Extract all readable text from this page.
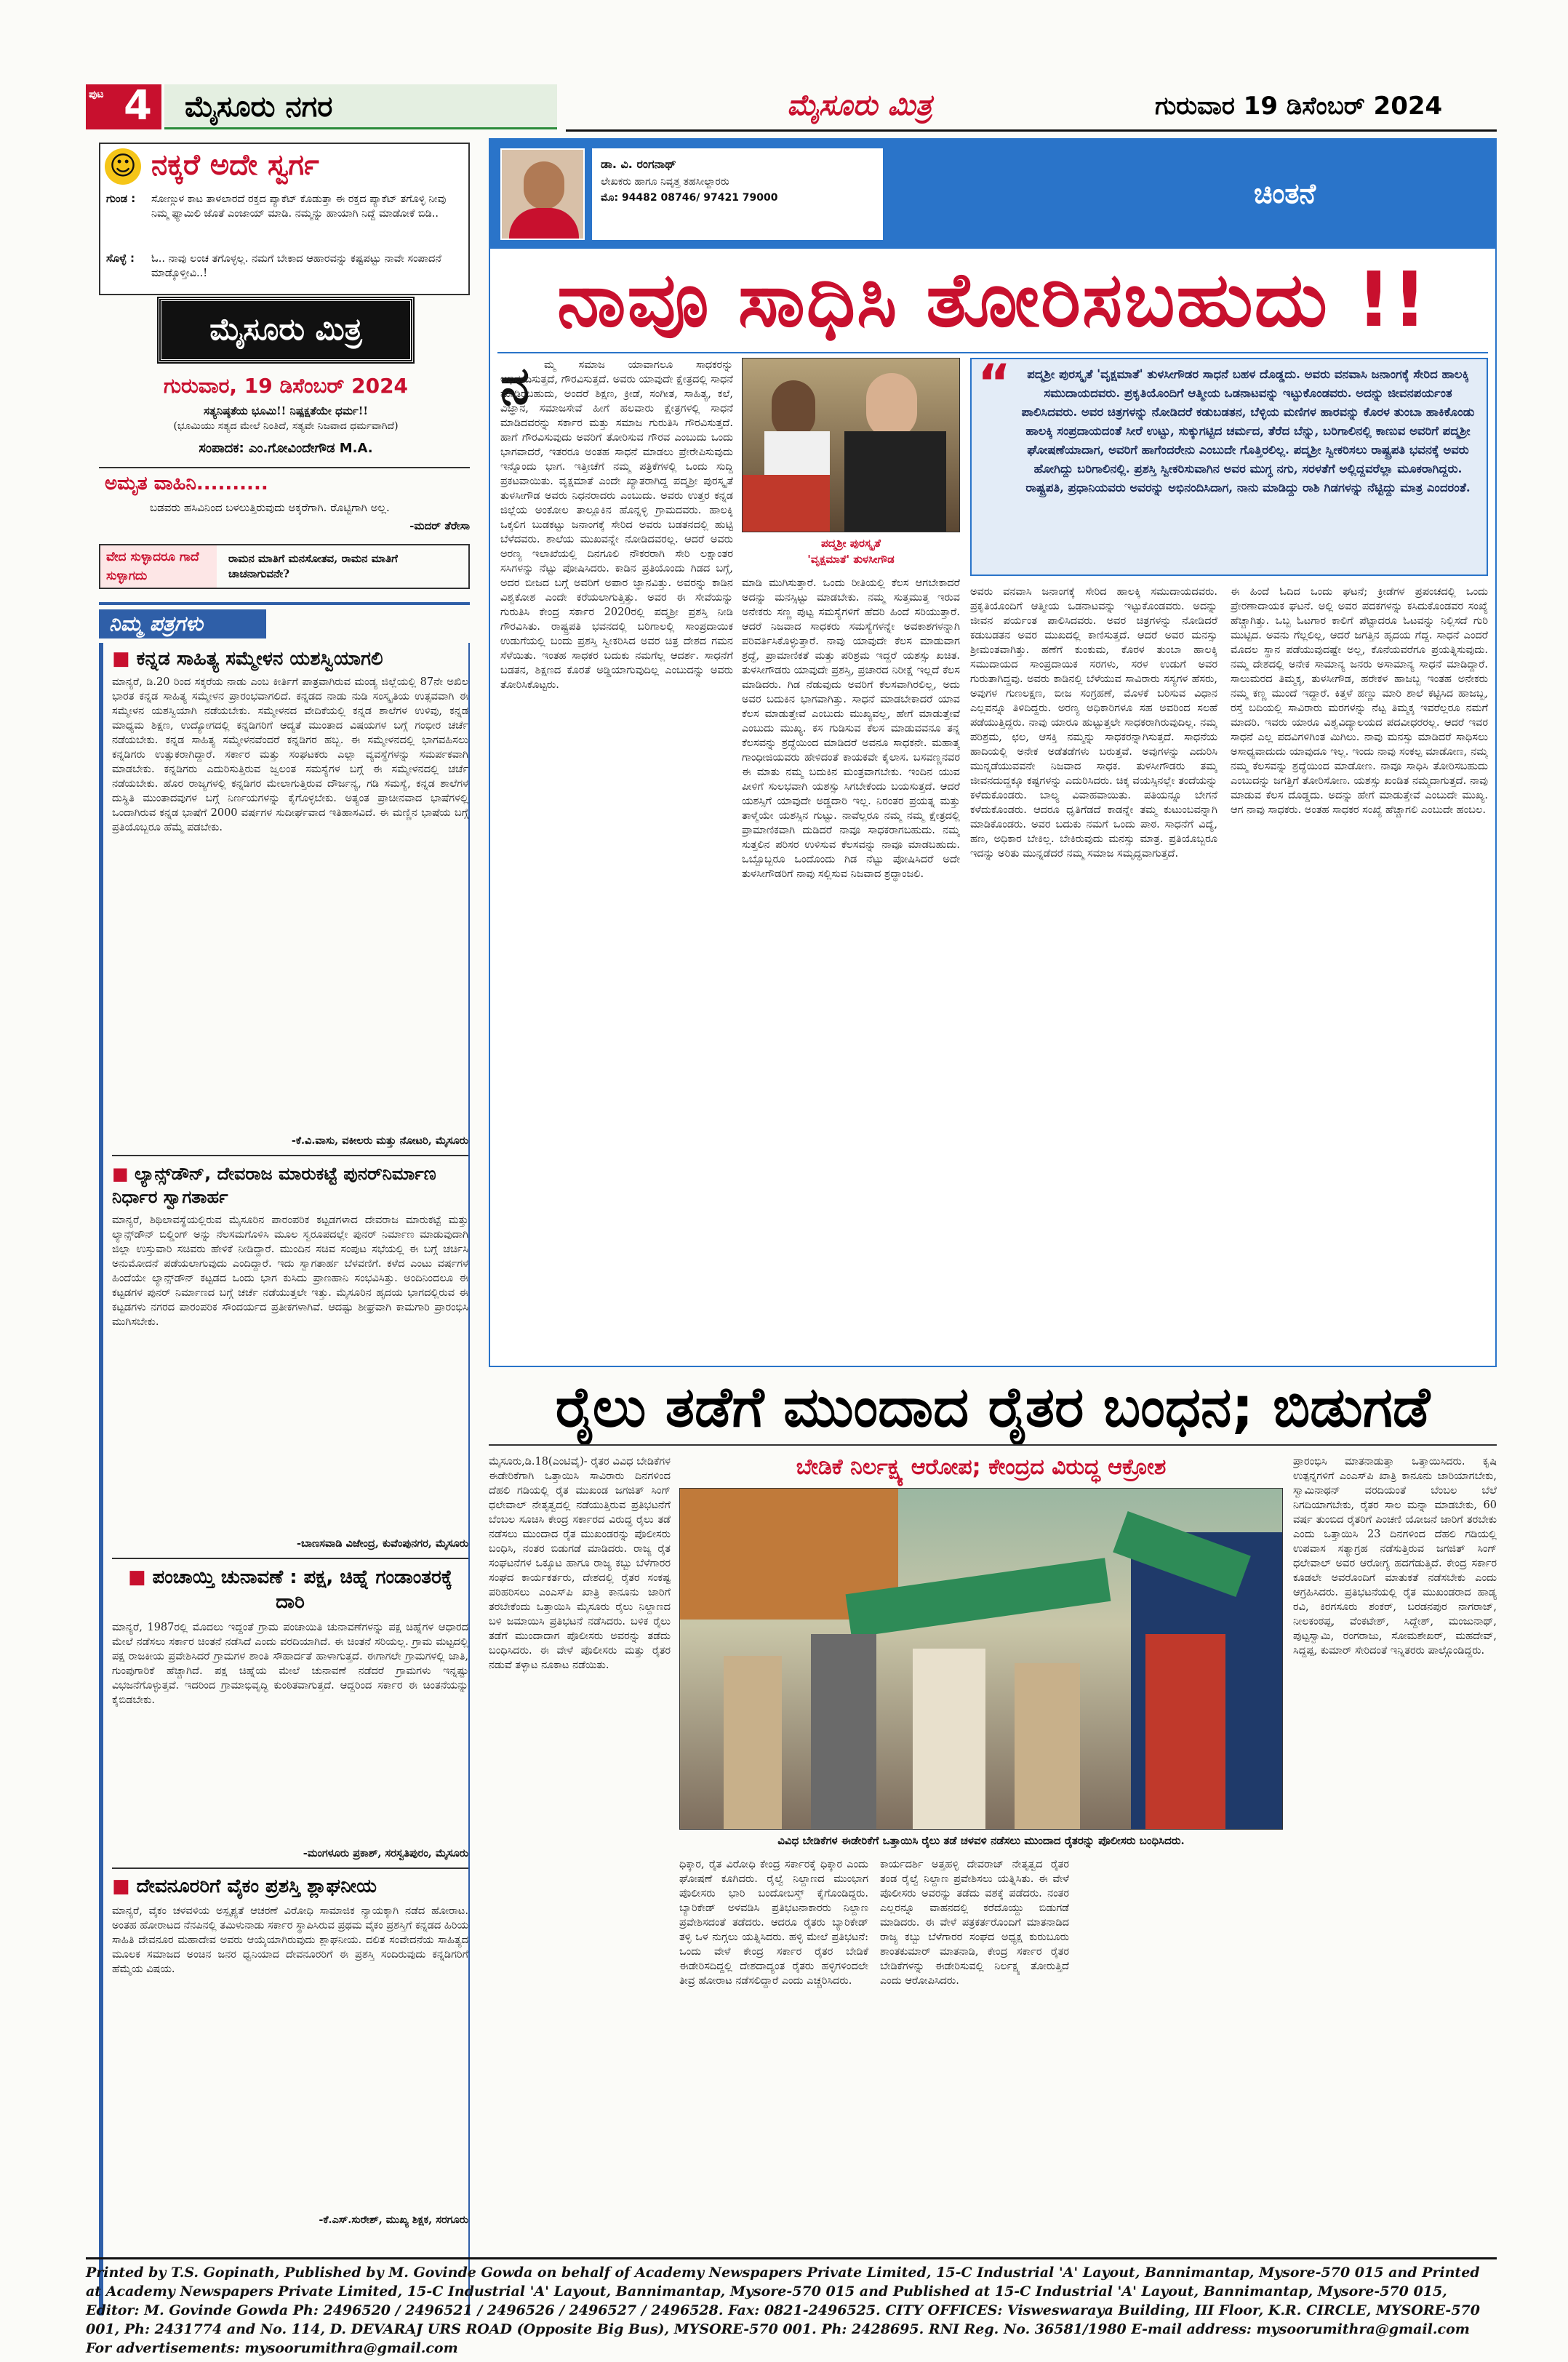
ಪುಟ 4 ಮೈಸೂರು ನಗರ	ಮೈಸೂರು ಮಿತ್ರ	ಗುರುವಾರ 19 ಡಿಸೆಂಬರ್ 2024
☺ ನಕ್ಕರೆ ಅದೇ ಸ್ವರ್ಗ
ಗುಂಡ : ಸೋಣ್ಗುಳ ಕಾಟ ತಾಳಲಾರದೆ ರಕ್ತದ ಪ್ಯಾಕೆಟ್ ಕೊಡುತ್ತಾ ಈ ರಕ್ತದ ಪ್ಯಾಕೆಟ್ ತಗೊಳ್ಳಿ ನೀವು ನಿಮ್ಮ ಫ್ಯಾಮಿಲಿ ಜೊತೆ ಎಂಜಾಯ್ ಮಾಡಿ. ನಮ್ಮನ್ನು ಹಾಯಾಗಿ ನಿದ್ದೆ ಮಾಡೋಕೆ ಬಿಡಿ..
ಸೊಳ್ಳೆ : ಓ.. ನಾವು ಲಂಚ ತಗೊಳ್ಳಲ್ಲ. ನಮಗೆ ಬೇಕಾದ ಆಹಾರವನ್ನು ಕಷ್ಟಪಟ್ಟು ನಾವೇ ಸಂಪಾದನೆ ಮಾಡ್ಕೊಳ್ತೀವಿ..!
ಮೈಸೂರು ಮಿತ್ರ
ಗುರುವಾರ, 19 ಡಿಸೆಂಬರ್ 2024
ಸತ್ಯನಿಷ್ಠತೆಯ ಭೂಮಿ!! ನಿಷ್ಪಕ್ಷತೆಯೇ ಧರ್ಮ!!
(ಭೂಮಿಯು ಸತ್ಯದ ಮೇಲೆ ನಿಂತಿದೆ, ಸತ್ಯವೇ ನಿಜವಾದ ಧರ್ಮವಾಗಿದೆ)
ಸಂಪಾದಕ: ಎಂ.ಗೋವಿಂದೇಗೌಡ M.A.
ಅಮೃತ ವಾಹಿನಿ..........
ಬಡವರು ಹಸಿವಿನಿಂದ ಬಳಲುತ್ತಿರುವುದು ಅಕ್ಕರೆಗಾಗಿ. ರೊಟ್ಟಿಗಾಗಿ ಅಲ್ಲ.
-ಮದರ್ ತೆರೇಸಾ
ವೇದ ಸುಳ್ಳಾದರೂ ಗಾದೆ ಸುಳ್ಳಾಗದು
ರಾಮನ ಮಾತಿಗೆ ಮನಸೋತವ, ರಾಮನ ಮಾತಿಗೆ ಚಾಚನಾಗುವನೇ?
ನಿಮ್ಮ ಪತ್ರಗಳು
■ ಕನ್ನಡ ಸಾಹಿತ್ಯ ಸಮ್ಮೇಳನ ಯಶಸ್ವಿಯಾಗಲಿ
ಮಾನ್ಯರೆ, ಡಿ.20 ರಿಂದ ಸಕ್ಕರೆಯ ನಾಡು ಎಂಬ ಕೀರ್ತಿಗೆ ಪಾತ್ರವಾಗಿರುವ ಮಂಡ್ಯ ಜಿಲ್ಲೆಯಲ್ಲಿ 87ನೇ ಅಖಿಲ ಭಾರತ ಕನ್ನಡ ಸಾಹಿತ್ಯ ಸಮ್ಮೇಳನ ಪ್ರಾರಂಭವಾಗಲಿದೆ. ಕನ್ನಡದ ನಾಡು ನುಡಿ ಸಂಸ್ಕೃತಿಯ ಉತ್ಸವವಾಗಿ ಈ ಸಮ್ಮೇಳನ ಯಶಸ್ವಿಯಾಗಿ ನಡೆಯಬೇಕು. ಸಮ್ಮೇಳನದ ವೇದಿಕೆಯಲ್ಲಿ ಕನ್ನಡ ಶಾಲೆಗಳ ಉಳಿವು, ಕನ್ನಡ ಮಾಧ್ಯಮ ಶಿಕ್ಷಣ, ಉದ್ಯೋಗದಲ್ಲಿ ಕನ್ನಡಿಗರಿಗೆ ಆದ್ಯತೆ ಮುಂತಾದ ವಿಷಯಗಳ ಬಗ್ಗೆ ಗಂಭೀರ ಚರ್ಚೆ ನಡೆಯಬೇಕು. ಕನ್ನಡ ಸಾಹಿತ್ಯ ಸಮ್ಮೇಳನವೆಂದರೆ ಕನ್ನಡಿಗರ ಹಬ್ಬ. ಈ ಸಮ್ಮೇಳನದಲ್ಲಿ ಭಾಗವಹಿಸಲು ಕನ್ನಡಿಗರು ಉತ್ಸುಕರಾಗಿದ್ದಾರೆ. ಸರ್ಕಾರ ಮತ್ತು ಸಂಘಟಕರು ಎಲ್ಲಾ ವ್ಯವಸ್ಥೆಗಳನ್ನು ಸಮರ್ಪಕವಾಗಿ ಮಾಡಬೇಕು. ಕನ್ನಡಿಗರು ಎದುರಿಸುತ್ತಿರುವ ಜ್ವಲಂತ ಸಮಸ್ಯೆಗಳ ಬಗ್ಗೆ ಈ ಸಮ್ಮೇಳನದಲ್ಲಿ ಚರ್ಚೆ ನಡೆಯಬೇಕು. ಹೊರ ರಾಜ್ಯಗಳಲ್ಲಿ ಕನ್ನಡಿಗರ ಮೇಲಾಗುತ್ತಿರುವ ದೌರ್ಜನ್ಯ, ಗಡಿ ಸಮಸ್ಯೆ, ಕನ್ನಡ ಶಾಲೆಗಳ ದುಸ್ಥಿತಿ ಮುಂತಾದವುಗಳ ಬಗ್ಗೆ ನಿರ್ಣಯಗಳನ್ನು ಕೈಗೊಳ್ಳಬೇಕು. ಅತ್ಯಂತ ಪ್ರಾಚೀನವಾದ ಭಾಷೆಗಳಲ್ಲಿ ಒಂದಾಗಿರುವ ಕನ್ನಡ ಭಾಷೆಗೆ 2000 ವರ್ಷಗಳ ಸುದೀರ್ಘವಾದ ಇತಿಹಾಸವಿದೆ. ಈ ಮಣ್ಣಿನ ಭಾಷೆಯ ಬಗ್ಗೆ ಪ್ರತಿಯೊಬ್ಬರೂ ಹೆಮ್ಮೆ ಪಡಬೇಕು.
-ಕೆ.ವಿ.ವಾಸು, ವಕೀಲರು ಮತ್ತು ನೋಟರಿ, ಮೈಸೂರು
■ ಲ್ಯಾನ್ಸ್‌ಡೌನ್, ದೇವರಾಜ ಮಾರುಕಟ್ಟೆ ಪುನರ್‌ನಿರ್ಮಾಣ ನಿರ್ಧಾರ ಸ್ವಾಗತಾರ್ಹ
ಮಾನ್ಯರೆ, ಶಿಥಿಲಾವಸ್ಥೆಯಲ್ಲಿರುವ ಮೈಸೂರಿನ ಪಾರಂಪರಿಕ ಕಟ್ಟಡಗಳಾದ ದೇವರಾಜ ಮಾರುಕಟ್ಟೆ ಮತ್ತು ಲ್ಯಾನ್ಸ್‌ಡೌನ್ ಬಿಲ್ಡಿಂಗ್ ಅನ್ನು ನೆಲಸಮಗೊಳಿಸಿ ಮೂಲ ಸ್ವರೂಪದಲ್ಲೇ ಪುನರ್ ನಿರ್ಮಾಣ ಮಾಡುವುದಾಗಿ ಜಿಲ್ಲಾ ಉಸ್ತುವಾರಿ ಸಚಿವರು ಹೇಳಿಕೆ ನೀಡಿದ್ದಾರೆ. ಮುಂದಿನ ಸಚಿವ ಸಂಪುಟ ಸಭೆಯಲ್ಲಿ ಈ ಬಗ್ಗೆ ಚರ್ಚಿಸಿ ಅನುಮೋದನೆ ಪಡೆಯಲಾಗುವುದು ಎಂದಿದ್ದಾರೆ. ಇದು ಸ್ವಾಗತಾರ್ಹ ಬೆಳವಣಿಗೆ. ಕಳೆದ ಎಂಟು ವರ್ಷಗಳ ಹಿಂದೆಯೇ ಲ್ಯಾನ್ಸ್‌ಡೌನ್ ಕಟ್ಟಡದ ಒಂದು ಭಾಗ ಕುಸಿದು ಪ್ರಾಣಹಾನಿ ಸಂಭವಿಸಿತ್ತು. ಅಂದಿನಿಂದಲೂ ಈ ಕಟ್ಟಡಗಳ ಪುನರ್ ನಿರ್ಮಾಣದ ಬಗ್ಗೆ ಚರ್ಚೆ ನಡೆಯುತ್ತಲೇ ಇತ್ತು. ಮೈಸೂರಿನ ಹೃದಯ ಭಾಗದಲ್ಲಿರುವ ಈ ಕಟ್ಟಡಗಳು ನಗರದ ಪಾರಂಪರಿಕ ಸೌಂದರ್ಯದ ಪ್ರತೀಕಗಳಾಗಿವೆ. ಆದಷ್ಟು ಶೀಘ್ರವಾಗಿ ಕಾಮಗಾರಿ ಪ್ರಾರಂಭಿಸಿ ಮುಗಿಸಬೇಕು.
-ಬಾಣಸವಾಡಿ ವಿಜೇಂದ್ರ, ಕುವೆಂಪುನಗರ, ಮೈಸೂರು
■ ಪಂಚಾಯ್ತಿ ಚುನಾವಣೆ : ಪಕ್ಷ, ಚಿಹ್ನೆ ಗಂಡಾಂತರಕ್ಕೆ ದಾರಿ
ಮಾನ್ಯರೆ, 1987ರಲ್ಲಿ ಮೊದಲು ಇದ್ದಂತೆ ಗ್ರಾಮ ಪಂಚಾಯಿತಿ ಚುನಾವಣೆಗಳನ್ನು ಪಕ್ಷ ಚಿಹ್ನೆಗಳ ಆಧಾರದ ಮೇಲೆ ನಡೆಸಲು ಸರ್ಕಾರ ಚಿಂತನೆ ನಡೆಸಿದೆ ಎಂದು ವರದಿಯಾಗಿದೆ. ಈ ಚಿಂತನೆ ಸರಿಯಲ್ಲ. ಗ್ರಾಮ ಮಟ್ಟದಲ್ಲಿ ಪಕ್ಷ ರಾಜಕೀಯ ಪ್ರವೇಶಿಸಿದರೆ ಗ್ರಾಮಗಳ ಶಾಂತಿ ಸೌಹಾರ್ದತೆ ಹಾಳಾಗುತ್ತದೆ. ಈಗಾಗಲೇ ಗ್ರಾಮಗಳಲ್ಲಿ ಜಾತಿ, ಗುಂಪುಗಾರಿಕೆ ಹೆಚ್ಚಾಗಿದೆ. ಪಕ್ಷ ಚಿಹ್ನೆಯ ಮೇಲೆ ಚುನಾವಣೆ ನಡೆದರೆ ಗ್ರಾಮಗಳು ಇನ್ನಷ್ಟು ವಿಭಜನೆಗೊಳ್ಳುತ್ತವೆ. ಇದರಿಂದ ಗ್ರಾಮಾಭಿವೃದ್ಧಿ ಕುಂಠಿತವಾಗುತ್ತದೆ. ಆದ್ದರಿಂದ ಸರ್ಕಾರ ಈ ಚಿಂತನೆಯನ್ನು ಕೈಬಿಡಬೇಕು.
-ಮಂಗಳೂರು ಪ್ರಕಾಶ್, ಸರಸ್ವತಿಪುರಂ, ಮೈಸೂರು
■ ದೇವನೂರರಿಗೆ ವೈಕಂ ಪ್ರಶಸ್ತಿ ಶ್ಲಾಘನೀಯ
ಮಾನ್ಯರೆ, ವೈಕಂ ಚಳವಳಿಯ ಅಸ್ಪೃಶ್ಯತೆ ಆಚರಣೆ ವಿರೋಧಿ ಸಾಮಾಜಿಕ ನ್ಯಾಯಕ್ಕಾಗಿ ನಡೆದ ಹೋರಾಟ. ಅಂತಹ ಹೋರಾಟದ ನೆನಪಿನಲ್ಲಿ ತಮಿಳುನಾಡು ಸರ್ಕಾರ ಸ್ಥಾಪಿಸಿರುವ ಪ್ರಥಮ ವೈಕಂ ಪ್ರಶಸ್ತಿಗೆ ಕನ್ನಡದ ಹಿರಿಯ ಸಾಹಿತಿ ದೇವನೂರ ಮಹಾದೇವ ಅವರು ಆಯ್ಕೆಯಾಗಿರುವುದು ಶ್ಲಾಘನೀಯ. ದಲಿತ ಸಂವೇದನೆಯ ಸಾಹಿತ್ಯದ ಮೂಲಕ ಸಮಾಜದ ಅಂಚಿನ ಜನರ ಧ್ವನಿಯಾದ ದೇವನೂರರಿಗೆ ಈ ಪ್ರಶಸ್ತಿ ಸಂದಿರುವುದು ಕನ್ನಡಿಗರಿಗೆ ಹೆಮ್ಮೆಯ ವಿಷಯ.
-ಕೆ.ಎಸ್.ಸುರೇಶ್, ಮುಖ್ಯ ಶಿಕ್ಷಕ, ಸರಗೂರು
ಡಾ. ವಿ. ರಂಗನಾಥ್
ಲೇಖಕರು ಹಾಗೂ ನಿವೃತ್ತ ತಹಸೀಲ್ದಾರರು
ಮೊ: 94482 08746/ 97421 79000	ಚಿಂತನೆ
ನಾವೂ ಸಾಧಿಸಿ ತೋರಿಸಬಹುದು !!
ನ	ಮ್ಮ ಸಮಾಜ ಯಾವಾಗಲೂ ಸಾಧಕರನ್ನು ಅಭಿನಂದಿಸುತ್ತದೆ, ಗೌರವಿಸುತ್ತದೆ. ಅವರು ಯಾವುದೇ ಕ್ಷೇತ್ರದಲ್ಲಿ ಸಾಧನೆ ಮಾಡಿರಬಹುದು, ಅಂದರೆ ಶಿಕ್ಷಣ, ಕ್ರೀಡೆ, ಸಂಗೀತ, ಸಾಹಿತ್ಯ, ಕಲೆ, ವಿಜ್ಞಾನ, ಸಮಾಜಸೇವೆ ಹೀಗೆ ಹಲವಾರು ಕ್ಷೇತ್ರಗಳಲ್ಲಿ ಸಾಧನೆ ಮಾಡಿದವರನ್ನು ಸರ್ಕಾರ ಮತ್ತು ಸಮಾಜ ಗುರುತಿಸಿ ಗೌರವಿಸುತ್ತದೆ. ಹಾಗೆ ಗೌರವಿಸುವುದು ಅವರಿಗೆ ತೋರಿಸುವ ಗೌರವ ಎಂಬುದು ಒಂದು ಭಾಗವಾದರೆ, ಇತರರೂ ಅಂತಹ ಸಾಧನೆ ಮಾಡಲು ಪ್ರೇರೇಪಿಸುವುದು ಇನ್ನೊಂದು ಭಾಗ. ಇತ್ತೀಚೆಗೆ ನಮ್ಮ ಪತ್ರಿಕೆಗಳಲ್ಲಿ ಒಂದು ಸುದ್ದಿ ಪ್ರಕಟವಾಯಿತು. ವೃಕ್ಷಮಾತೆ ಎಂದೇ ಖ್ಯಾತರಾಗಿದ್ದ ಪದ್ಮಶ್ರೀ ಪುರಸ್ಕೃತೆ ತುಳಸೀಗೌಡ ಅವರು ನಿಧನರಾದರು ಎಂಬುದು. ಅವರು ಉತ್ತರ ಕನ್ನಡ ಜಿಲ್ಲೆಯ ಅಂಕೋಲ ತಾಲ್ಲೂಕಿನ ಹೊನ್ನಳ್ಳಿ ಗ್ರಾಮದವರು. ಹಾಲಕ್ಕಿ ಒಕ್ಕಲಿಗ ಬುಡಕಟ್ಟು ಜನಾಂಗಕ್ಕೆ ಸೇರಿದ ಅವರು ಬಡತನದಲ್ಲಿ ಹುಟ್ಟಿ ಬೆಳೆದವರು. ಶಾಲೆಯ ಮುಖವನ್ನೇ ನೋಡಿದವರಲ್ಲ. ಆದರೆ ಅವರು ಅರಣ್ಯ ಇಲಾಖೆಯಲ್ಲಿ ದಿನಗೂಲಿ ನೌಕರರಾಗಿ ಸೇರಿ ಲಕ್ಷಾಂತರ ಸಸಿಗಳನ್ನು ನೆಟ್ಟು ಪೋಷಿಸಿದರು. ಕಾಡಿನ ಪ್ರತಿಯೊಂದು ಗಿಡದ ಬಗ್ಗೆ, ಅದರ ಬೀಜದ ಬಗ್ಗೆ ಅವರಿಗೆ ಅಪಾರ ಜ್ಞಾನವಿತ್ತು. ಅವರನ್ನು ಕಾಡಿನ ವಿಶ್ವಕೋಶ ಎಂದೇ ಕರೆಯಲಾಗುತ್ತಿತ್ತು. ಅವರ ಈ ಸೇವೆಯನ್ನು ಗುರುತಿಸಿ ಕೇಂದ್ರ ಸರ್ಕಾರ 2020ರಲ್ಲಿ ಪದ್ಮಶ್ರೀ ಪ್ರಶಸ್ತಿ ನೀಡಿ ಗೌರವಿಸಿತು. ರಾಷ್ಟ್ರಪತಿ ಭವನದಲ್ಲಿ ಬರಿಗಾಲಲ್ಲಿ ಸಾಂಪ್ರದಾಯಿಕ ಉಡುಗೆಯಲ್ಲಿ ಬಂದು ಪ್ರಶಸ್ತಿ ಸ್ವೀಕರಿಸಿದ ಅವರ ಚಿತ್ರ ದೇಶದ ಗಮನ ಸೆಳೆಯಿತು. ಇಂತಹ ಸಾಧಕರ ಬದುಕು ನಮಗೆಲ್ಲ ಆದರ್ಶ. ಸಾಧನೆಗೆ ಬಡತನ, ಶಿಕ್ಷಣದ ಕೊರತೆ ಅಡ್ಡಿಯಾಗುವುದಿಲ್ಲ ಎಂಬುದನ್ನು ಅವರು ತೋರಿಸಿಕೊಟ್ಟರು.
ಪದ್ಮಶ್ರೀ ಪುರಸ್ಕೃತೆ
'ವೃಕ್ಷಮಾತೆ' ತುಳಸೀಗೌಡ
ಮಾಡಿ ಮುಗಿಸುತ್ತಾರೆ. ಒಂದು ರೀತಿಯಲ್ಲಿ ಕೆಲಸ ಆಗಬೇಕಾದರೆ ಅದನ್ನು ಮನಸ್ಸಿಟ್ಟು ಮಾಡಬೇಕು. ನಮ್ಮ ಸುತ್ತಮುತ್ತ ಇರುವ ಅನೇಕರು ಸಣ್ಣ ಪುಟ್ಟ ಸಮಸ್ಯೆಗಳಿಗೆ ಹೆದರಿ ಹಿಂದೆ ಸರಿಯುತ್ತಾರೆ. ಆದರೆ ನಿಜವಾದ ಸಾಧಕರು ಸಮಸ್ಯೆಗಳನ್ನೇ ಅವಕಾಶಗಳನ್ನಾಗಿ ಪರಿವರ್ತಿಸಿಕೊಳ್ಳುತ್ತಾರೆ. ನಾವು ಯಾವುದೇ ಕೆಲಸ ಮಾಡುವಾಗ ಶ್ರದ್ಧೆ, ಪ್ರಾಮಾಣಿಕತೆ ಮತ್ತು ಪರಿಶ್ರಮ ಇದ್ದರೆ ಯಶಸ್ಸು ಖಚಿತ. ತುಳಸೀಗೌಡರು ಯಾವುದೇ ಪ್ರಶಸ್ತಿ, ಪ್ರಚಾರದ ನಿರೀಕ್ಷೆ ಇಲ್ಲದೆ ಕೆಲಸ ಮಾಡಿದರು. ಗಿಡ ನೆಡುವುದು ಅವರಿಗೆ ಕೆಲಸವಾಗಿರಲಿಲ್ಲ, ಅದು ಅವರ ಬದುಕಿನ ಭಾಗವಾಗಿತ್ತು. ಸಾಧನೆ ಮಾಡಬೇಕಾದರೆ ಯಾವ ಕೆಲಸ ಮಾಡುತ್ತೇವೆ ಎಂಬುದು ಮುಖ್ಯವಲ್ಲ, ಹೇಗೆ ಮಾಡುತ್ತೇವೆ ಎಂಬುದು ಮುಖ್ಯ. ಕಸ ಗುಡಿಸುವ ಕೆಲಸ ಮಾಡುವವನೂ ತನ್ನ ಕೆಲಸವನ್ನು ಶ್ರದ್ಧೆಯಿಂದ ಮಾಡಿದರೆ ಅವನೂ ಸಾಧಕನೇ. ಮಹಾತ್ಮ ಗಾಂಧೀಜಿಯವರು ಹೇಳಿದಂತೆ ಕಾಯಕವೇ ಕೈಲಾಸ. ಬಸವಣ್ಣನವರ ಈ ಮಾತು ನಮ್ಮ ಬದುಕಿನ ಮಂತ್ರವಾಗಬೇಕು. ಇಂದಿನ ಯುವ ಪೀಳಿಗೆ ಸುಲಭವಾಗಿ ಯಶಸ್ಸು ಸಿಗಬೇಕೆಂದು ಬಯಸುತ್ತದೆ. ಆದರೆ ಯಶಸ್ಸಿಗೆ ಯಾವುದೇ ಅಡ್ಡದಾರಿ ಇಲ್ಲ. ನಿರಂತರ ಪ್ರಯತ್ನ ಮತ್ತು ತಾಳ್ಮೆಯೇ ಯಶಸ್ಸಿನ ಗುಟ್ಟು. ನಾವೆಲ್ಲರೂ ನಮ್ಮ ನಮ್ಮ ಕ್ಷೇತ್ರದಲ್ಲಿ ಪ್ರಾಮಾಣಿಕವಾಗಿ ದುಡಿದರೆ ನಾವೂ ಸಾಧಕರಾಗಬಹುದು. ನಮ್ಮ ಸುತ್ತಲಿನ ಪರಿಸರ ಉಳಿಸುವ ಕೆಲಸವನ್ನು ನಾವೂ ಮಾಡಬಹುದು. ಒಬ್ಬೊಬ್ಬರೂ ಒಂದೊಂದು ಗಿಡ ನೆಟ್ಟು ಪೋಷಿಸಿದರೆ ಅದೇ ತುಳಸೀಗೌಡರಿಗೆ ನಾವು ಸಲ್ಲಿಸುವ ನಿಜವಾದ ಶ್ರದ್ಧಾಂಜಲಿ.
“	ಪದ್ಮಶ್ರೀ ಪುರಸ್ಕೃತೆ 'ವೃಕ್ಷಮಾತೆ' ತುಳಸೀಗೌಡರ ಸಾಧನೆ ಬಹಳ ದೊಡ್ಡದು. ಅವರು ವನವಾಸಿ ಜನಾಂಗಕ್ಕೆ ಸೇರಿದ ಹಾಲಕ್ಕಿ ಸಮುದಾಯದವರು. ಪ್ರಕೃತಿಯೊಂದಿಗೆ ಆತ್ಮೀಯ ಒಡನಾಟವನ್ನು ಇಟ್ಟುಕೊಂಡವರು. ಅದನ್ನು ಜೀವನಪರ್ಯಂತ ಪಾಲಿಸಿದವರು. ಅವರ ಚಿತ್ರಗಳನ್ನು ನೋಡಿದರೆ ಕಡುಬಡತನ, ಬೆಳ್ಳಿಯ ಮಣಿಗಳ ಹಾರವನ್ನು ಕೊರಳ ತುಂಬಾ ಹಾಕಿಕೊಂಡು ಹಾಲಕ್ಕಿ ಸಂಪ್ರದಾಯದಂತೆ ಸೀರೆ ಉಟ್ಟು, ಸುಕ್ಕುಗಟ್ಟಿದ ಚರ್ಮದ, ತೆರೆದ ಬೆನ್ನು, ಬರಿಗಾಲಿನಲ್ಲಿ ಕಾಣುವ ಅವರಿಗೆ ಪದ್ಮಶ್ರೀ ಘೋಷಣೆಯಾದಾಗ, ಅವರಿಗೆ ಹಾಗೆಂದರೇನು ಎಂಬುದೇ ಗೊತ್ತಿರಲಿಲ್ಲ. ಪದ್ಮಶ್ರೀ ಸ್ವೀಕರಿಸಲು ರಾಷ್ಟ್ರಪತಿ ಭವನಕ್ಕೆ ಅವರು ಹೋಗಿದ್ದು ಬರಿಗಾಲಿನಲ್ಲಿ. ಪ್ರಶಸ್ತಿ ಸ್ವೀಕರಿಸುವಾಗಿನ ಅವರ ಮುಗ್ಧ ನಗು, ಸರಳತೆಗೆ ಅಲ್ಲಿದ್ದವರೆಲ್ಲಾ ಮೂಕರಾಗಿದ್ದರು. ರಾಷ್ಟ್ರಪತಿ, ಪ್ರಧಾನಿಯವರು ಅವರನ್ನು ಅಭಿನಂದಿಸಿದಾಗ, ನಾನು ಮಾಡಿದ್ದು ರಾಶಿ ಗಿಡಗಳನ್ನು ನೆಟ್ಟಿದ್ದು ಮಾತ್ರ ಎಂದರಂತೆ.
ಅವರು ವನವಾಸಿ ಜನಾಂಗಕ್ಕೆ ಸೇರಿದ ಹಾಲಕ್ಕಿ ಸಮುದಾಯದವರು. ಪ್ರಕೃತಿಯೊಂದಿಗೆ ಆತ್ಮೀಯ ಒಡನಾಟವನ್ನು ಇಟ್ಟುಕೊಂಡವರು. ಅದನ್ನು ಜೀವನ ಪರ್ಯಂತ ಪಾಲಿಸಿದವರು. ಅವರ ಚಿತ್ರಗಳನ್ನು ನೋಡಿದರೆ ಕಡುಬಡತನ ಅವರ ಮುಖದಲ್ಲಿ ಕಾಣಿಸುತ್ತದೆ. ಆದರೆ ಅವರ ಮನಸ್ಸು ಶ್ರೀಮಂತವಾಗಿತ್ತು. ಹಣೆಗೆ ಕುಂಕುಮ, ಕೊರಳ ತುಂಬಾ ಹಾಲಕ್ಕಿ ಸಮುದಾಯದ ಸಾಂಪ್ರದಾಯಿಕ ಸರಗಳು, ಸರಳ ಉಡುಗೆ ಅವರ ಗುರುತಾಗಿದ್ದವು. ಅವರು ಕಾಡಿನಲ್ಲಿ ಬೆಳೆಯುವ ಸಾವಿರಾರು ಸಸ್ಯಗಳ ಹೆಸರು, ಅವುಗಳ ಗುಣಲಕ್ಷಣ, ಬೀಜ ಸಂಗ್ರಹಣೆ, ಮೊಳಕೆ ಬರಿಸುವ ವಿಧಾನ ಎಲ್ಲವನ್ನೂ ತಿಳಿದಿದ್ದರು. ಅರಣ್ಯ ಅಧಿಕಾರಿಗಳೂ ಸಹ ಅವರಿಂದ ಸಲಹೆ ಪಡೆಯುತ್ತಿದ್ದರು. ನಾವು ಯಾರೂ ಹುಟ್ಟುತ್ತಲೇ ಸಾಧಕರಾಗಿರುವುದಿಲ್ಲ. ನಮ್ಮ ಪರಿಶ್ರಮ, ಛಲ, ಆಸಕ್ತಿ ನಮ್ಮನ್ನು ಸಾಧಕರನ್ನಾಗಿಸುತ್ತದೆ. ಸಾಧನೆಯ ಹಾದಿಯಲ್ಲಿ ಅನೇಕ ಅಡೆತಡೆಗಳು ಬರುತ್ತವೆ. ಅವುಗಳನ್ನು ಎದುರಿಸಿ ಮುನ್ನಡೆಯುವವನೇ ನಿಜವಾದ ಸಾಧಕ. ತುಳಸೀಗೌಡರು ತಮ್ಮ ಜೀವನದುದ್ದಕ್ಕೂ ಕಷ್ಟಗಳನ್ನು ಎದುರಿಸಿದರು. ಚಿಕ್ಕ ವಯಸ್ಸಿನಲ್ಲೇ ತಂದೆಯನ್ನು ಕಳೆದುಕೊಂಡರು. ಬಾಲ್ಯ ವಿವಾಹವಾಯಿತು. ಪತಿಯನ್ನೂ ಬೇಗನೆ ಕಳೆದುಕೊಂಡರು. ಆದರೂ ಧೃತಿಗೆಡದೆ ಕಾಡನ್ನೇ ತಮ್ಮ ಕುಟುಂಬವನ್ನಾಗಿ ಮಾಡಿಕೊಂಡರು. ಅವರ ಬದುಕು ನಮಗೆ ಒಂದು ಪಾಠ. ಸಾಧನೆಗೆ ವಿದ್ಯೆ, ಹಣ, ಅಧಿಕಾರ ಬೇಕಿಲ್ಲ. ಬೇಕಿರುವುದು ಮನಸ್ಸು ಮಾತ್ರ. ಪ್ರತಿಯೊಬ್ಬರೂ ಇದನ್ನು ಅರಿತು ಮುನ್ನಡೆದರೆ ನಮ್ಮ ಸಮಾಜ ಸಮೃದ್ಧವಾಗುತ್ತದೆ.
ಈ ಹಿಂದೆ ಓದಿದ ಒಂದು ಘಟನೆ; ಕ್ರೀಡೆಗಳ ಪ್ರಪಂಚದಲ್ಲಿ ಒಂದು ಪ್ರೇರಣಾದಾಯಕ ಘಟನೆ. ಅಲ್ಲಿ ಅವರ ಪದಕಗಳನ್ನು ಕಸಿದುಕೊಂಡವರ ಸಂಖ್ಯೆ ಹೆಚ್ಚಾಗಿತ್ತು. ಒಬ್ಬ ಓಟಗಾರ ಕಾಲಿಗೆ ಪೆಟ್ಟಾದರೂ ಓಟವನ್ನು ನಿಲ್ಲಿಸದೆ ಗುರಿ ಮುಟ್ಟಿದ. ಅವನು ಗೆಲ್ಲಲಿಲ್ಲ, ಆದರೆ ಜಗತ್ತಿನ ಹೃದಯ ಗೆದ್ದ. ಸಾಧನೆ ಎಂದರೆ ಮೊದಲ ಸ್ಥಾನ ಪಡೆಯುವುದಷ್ಟೇ ಅಲ್ಲ, ಕೊನೆಯವರೆಗೂ ಪ್ರಯತ್ನಿಸುವುದು. ನಮ್ಮ ದೇಶದಲ್ಲಿ ಅನೇಕ ಸಾಮಾನ್ಯ ಜನರು ಅಸಾಮಾನ್ಯ ಸಾಧನೆ ಮಾಡಿದ್ದಾರೆ. ಸಾಲುಮರದ ತಿಮ್ಮಕ್ಕ, ತುಳಸೀಗೌಡ, ಹರೇಕಳ ಹಾಜಬ್ಬ ಇಂತಹ ಅನೇಕರು ನಮ್ಮ ಕಣ್ಣ ಮುಂದೆ ಇದ್ದಾರೆ. ಕಿತ್ತಳೆ ಹಣ್ಣು ಮಾರಿ ಶಾಲೆ ಕಟ್ಟಿಸಿದ ಹಾಜಬ್ಬ, ರಸ್ತೆ ಬದಿಯಲ್ಲಿ ಸಾವಿರಾರು ಮರಗಳನ್ನು ನೆಟ್ಟ ತಿಮ್ಮಕ್ಕ ಇವರೆಲ್ಲರೂ ನಮಗೆ ಮಾದರಿ. ಇವರು ಯಾರೂ ವಿಶ್ವವಿದ್ಯಾಲಯದ ಪದವೀಧರರಲ್ಲ. ಆದರೆ ಇವರ ಸಾಧನೆ ಎಲ್ಲ ಪದವಿಗಳಿಗಿಂತ ಮಿಗಿಲು. ನಾವು ಮನಸ್ಸು ಮಾಡಿದರೆ ಸಾಧಿಸಲು ಅಸಾಧ್ಯವಾದುದು ಯಾವುದೂ ಇಲ್ಲ. ಇಂದು ನಾವು ಸಂಕಲ್ಪ ಮಾಡೋಣ, ನಮ್ಮ ನಮ್ಮ ಕೆಲಸವನ್ನು ಶ್ರದ್ಧೆಯಿಂದ ಮಾಡೋಣ. ನಾವೂ ಸಾಧಿಸಿ ತೋರಿಸಬಹುದು ಎಂಬುದನ್ನು ಜಗತ್ತಿಗೆ ತೋರಿಸೋಣ. ಯಶಸ್ಸು ಖಂಡಿತ ನಮ್ಮದಾಗುತ್ತದೆ. ನಾವು ಮಾಡುವ ಕೆಲಸ ದೊಡ್ಡದು. ಅದನ್ನು ಹೇಗೆ ಮಾಡುತ್ತೇವೆ ಎಂಬುದೇ ಮುಖ್ಯ. ಆಗ ನಾವು ಸಾಧಕರು. ಅಂತಹ ಸಾಧಕರ ಸಂಖ್ಯೆ ಹೆಚ್ಚಾಗಲಿ ಎಂಬುದೇ ಹಂಬಲ.
ರೈಲು ತಡೆಗೆ ಮುಂದಾದ ರೈತರ ಬಂಧನ; ಬಿಡುಗಡೆ
ಮೈಸೂರು,ಡಿ.18(ಎಂಟಿವೈ)- ರೈತರ ವಿವಿಧ ಬೇಡಿಕೆಗಳ ಈಡೇರಿಕೆಗಾಗಿ ಒತ್ತಾಯಿಸಿ ಸಾವಿರಾರು ದಿನಗಳಿಂದ ದೆಹಲಿ ಗಡಿಯಲ್ಲಿ ರೈತ ಮುಖಂಡ ಜಗಜಿತ್ ಸಿಂಗ್ ಧಲೇವಾಲ್ ನೇತೃತ್ವದಲ್ಲಿ ನಡೆಯುತ್ತಿರುವ ಪ್ರತಿಭಟನೆಗೆ ಬೆಂಬಲ ಸೂಚಿಸಿ ಕೇಂದ್ರ ಸರ್ಕಾರದ ವಿರುದ್ಧ ರೈಲು ತಡೆ ನಡೆಸಲು ಮುಂದಾದ ರೈತ ಮುಖಂಡರನ್ನು ಪೊಲೀಸರು ಬಂಧಿಸಿ, ನಂತರ ಬಿಡುಗಡೆ ಮಾಡಿದರು. ರಾಜ್ಯ ರೈತ ಸಂಘಟನೆಗಳ ಒಕ್ಕೂಟ ಹಾಗೂ ರಾಜ್ಯ ಕಬ್ಬು ಬೆಳೆಗಾರರ ಸಂಘದ ಕಾರ್ಯಕರ್ತರು, ದೇಶದಲ್ಲಿ ರೈತರ ಸಂಕಷ್ಟ ಪರಿಹರಿಸಲು ಎಂಎಸ್‌ಪಿ ಖಾತ್ರಿ ಕಾನೂನು ಜಾರಿಗೆ ತರಬೇಕೆಂದು ಒತ್ತಾಯಿಸಿ ಮೈಸೂರು ರೈಲು ನಿಲ್ದಾಣದ ಬಳಿ ಜಮಾಯಿಸಿ ಪ್ರತಿಭಟನೆ ನಡೆಸಿದರು. ಬಳಿಕ ರೈಲು ತಡೆಗೆ ಮುಂದಾದಾಗ ಪೊಲೀಸರು ಅವರನ್ನು ತಡೆದು ಬಂಧಿಸಿದರು. ಈ ವೇಳೆ ಪೊಲೀಸರು ಮತ್ತು ರೈತರ ನಡುವೆ ತಳ್ಳಾಟ ನೂಕಾಟ ನಡೆಯಿತು.
ಬೇಡಿಕೆ ನಿರ್ಲಕ್ಷ್ಯ ಆರೋಪ; ಕೇಂದ್ರದ ವಿರುದ್ಧ ಆಕ್ರೋಶ
ವಿವಿಧ ಬೇಡಿಕೆಗಳ ಈಡೇರಿಕೆಗೆ ಒತ್ತಾಯಿಸಿ ರೈಲು ತಡೆ ಚಳವಳಿ ನಡೆಸಲು ಮುಂದಾದ ರೈತರನ್ನು ಪೊಲೀಸರು ಬಂಧಿಸಿದರು.
ಧಿಕ್ಕಾರ, ರೈತ ವಿರೋಧಿ ಕೇಂದ್ರ ಸರ್ಕಾರಕ್ಕೆ ಧಿಕ್ಕಾರ ಎಂದು ಘೋಷಣೆ ಕೂಗಿದರು. ರೈಲ್ವೆ ನಿಲ್ದಾಣದ ಮುಂಭಾಗ ಪೊಲೀಸರು ಭಾರಿ ಬಂದೋಬಸ್ತ್ ಕೈಗೊಂಡಿದ್ದರು. ಬ್ಯಾರಿಕೇಡ್ ಅಳವಡಿಸಿ ಪ್ರತಿಭಟನಾಕಾರರು ನಿಲ್ದಾಣ ಪ್ರವೇಶಿಸದಂತೆ ತಡೆದರು. ಆದರೂ ರೈತರು ಬ್ಯಾರಿಕೇಡ್ ತಳ್ಳಿ ಒಳ ನುಗ್ಗಲು ಯತ್ನಿಸಿದರು. ಹಳ್ಳಿ ಮೇಲೆ ಪ್ರತಿಭಟನೆ: ಒಂದು ವೇಳೆ ಕೇಂದ್ರ ಸರ್ಕಾರ ರೈತರ ಬೇಡಿಕೆ ಈಡೇರಿಸದಿದ್ದಲ್ಲಿ ದೇಶದಾದ್ಯಂತ ರೈತರು ಹಳ್ಳಿಗಳಿಂದಲೇ ತೀವ್ರ ಹೋರಾಟ ನಡೆಸಲಿದ್ದಾರೆ ಎಂದು ಎಚ್ಚರಿಸಿದರು.
ಕಾರ್ಯದರ್ಶಿ ಅತ್ತಹಳ್ಳಿ ದೇವರಾಜ್ ನೇತೃತ್ವದ ರೈತರ ತಂಡ ರೈಲ್ವೆ ನಿಲ್ದಾಣ ಪ್ರವೇಶಿಸಲು ಯತ್ನಿಸಿತು. ಈ ವೇಳೆ ಪೊಲೀಸರು ಅವರನ್ನು ತಡೆದು ವಶಕ್ಕೆ ಪಡೆದರು. ನಂತರ ಎಲ್ಲರನ್ನೂ ವಾಹನದಲ್ಲಿ ಕರೆದೊಯ್ದು ಬಿಡುಗಡೆ ಮಾಡಿದರು. ಈ ವೇಳೆ ಪತ್ರಕರ್ತರೊಂದಿಗೆ ಮಾತನಾಡಿದ ರಾಜ್ಯ ಕಬ್ಬು ಬೆಳೆಗಾರರ ಸಂಘದ ಅಧ್ಯಕ್ಷ ಕುರುಬೂರು ಶಾಂತಕುಮಾರ್ ಮಾತನಾಡಿ, ಕೇಂದ್ರ ಸರ್ಕಾರ ರೈತರ ಬೇಡಿಕೆಗಳನ್ನು ಈಡೇರಿಸುವಲ್ಲಿ ನಿರ್ಲಕ್ಷ್ಯ ತೋರುತ್ತಿದೆ ಎಂದು ಆರೋಪಿಸಿದರು.
ಪ್ರಾರಂಭಿಸಿ ಮಾತನಾಡುತ್ತಾ ಒತ್ತಾಯಿಸಿದರು. ಕೃಷಿ ಉತ್ಪನ್ನಗಳಿಗೆ ಎಂಎಸ್‌ಪಿ ಖಾತ್ರಿ ಕಾನೂನು ಜಾರಿಯಾಗಬೇಕು, ಸ್ವಾಮಿನಾಥನ್ ವರದಿಯಂತೆ ಬೆಂಬಲ ಬೆಲೆ ನಿಗದಿಯಾಗಬೇಕು, ರೈತರ ಸಾಲ ಮನ್ನಾ ಮಾಡಬೇಕು, 60 ವರ್ಷ ತುಂಬಿದ ರೈತರಿಗೆ ಪಿಂಚಣಿ ಯೋಜನೆ ಜಾರಿಗೆ ತರಬೇಕು ಎಂದು ಒತ್ತಾಯಿಸಿ 23 ದಿನಗಳಿಂದ ದೆಹಲಿ ಗಡಿಯಲ್ಲಿ ಉಪವಾಸ ಸತ್ಯಾಗ್ರಹ ನಡೆಸುತ್ತಿರುವ ಜಗಜಿತ್ ಸಿಂಗ್ ಧಲೇವಾಲ್ ಅವರ ಆರೋಗ್ಯ ಹದಗೆಡುತ್ತಿದೆ. ಕೇಂದ್ರ ಸರ್ಕಾರ ಕೂಡಲೇ ಅವರೊಂದಿಗೆ ಮಾತುಕತೆ ನಡೆಸಬೇಕು ಎಂದು ಆಗ್ರಹಿಸಿದರು. ಪ್ರತಿಭಟನೆಯಲ್ಲಿ ರೈತ ಮುಖಂಡರಾದ ಹಾಡ್ಯ ರವಿ, ಕಿರಗಸೂರು ಶಂಕರ್, ಬರಡನಪುರ ನಾಗರಾಜ್, ನೀಲಕಂಠಪ್ಪ, ವೆಂಕಟೇಶ್, ಸಿದ್ದೇಶ್, ಮಂಜುನಾಥ್, ಪುಟ್ಟಸ್ವಾಮಿ, ರಂಗರಾಜು, ಸೋಮಶೇಖರ್, ಮಹದೇವ್, ಸಿದ್ದಪ್ಪ, ಕುಮಾರ್ ಸೇರಿದಂತೆ ಇನ್ನಿತರರು ಪಾಲ್ಗೊಂಡಿದ್ದರು.
Printed by T.S. Gopinath, Published by M. Govinde Gowda on behalf of Academy Newspapers Private Limited, 15-C Industrial 'A' Layout, Bannimantap, Mysore-570 015 and Printed at Academy Newspapers Private Limited, 15-C Industrial 'A' Layout, Bannimantap, Mysore-570 015 and Published at 15-C Industrial 'A' Layout, Bannimantap, Mysore-570 015, Editor: M. Govinde Gowda Ph: 2496520 / 2496521 / 2496526 / 2496527 / 2496528. Fax: 0821-2496525. CITY OFFICES: Visweswaraya Building, III Floor, K.R. CIRCLE, MYSORE-570 001, Ph: 2431774 and No. 114, D. DEVARAJ URS ROAD (Opposite Big Bus), MYSORE-570 001. Ph: 2428695. RNI Reg. No. 36581/1980 E-mail address: mysoorumithra@gmail.com For advertisements: mysoorumithra@gmail.com
